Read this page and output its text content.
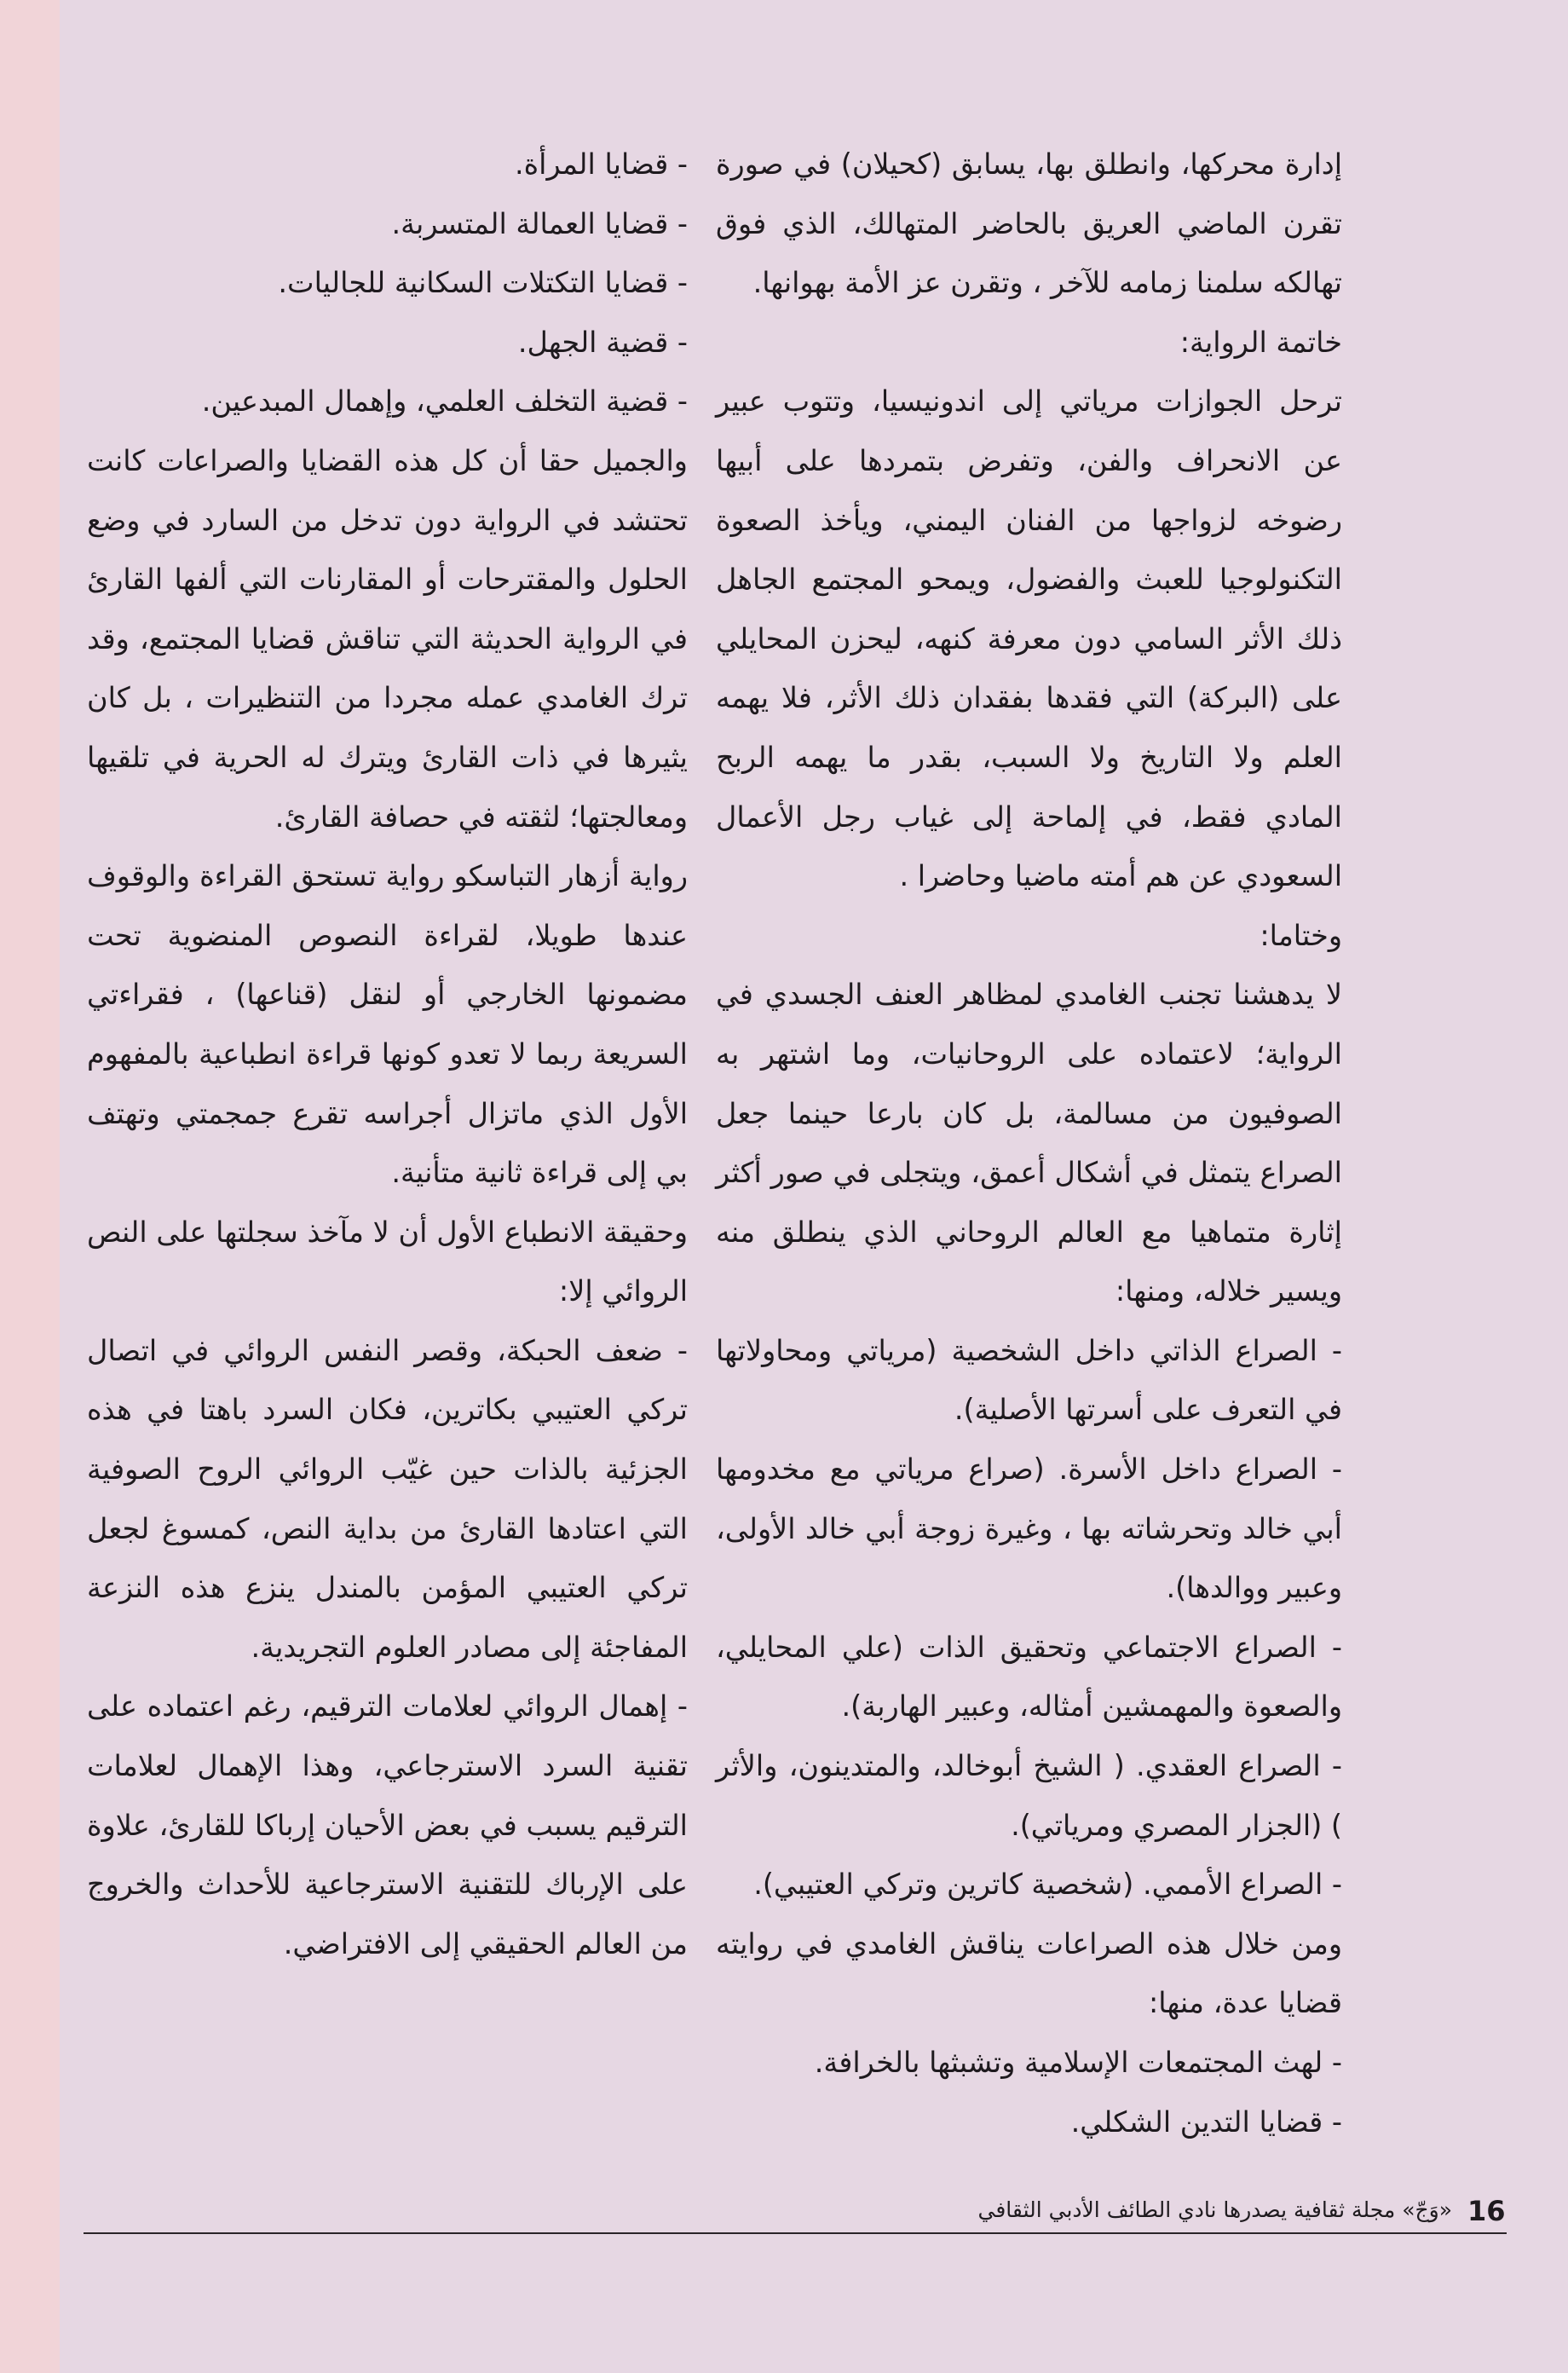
إدارة محركها، وانطلق بها، يسابق (كحيلان) في صورة تقرن الماضي العريق بالحاضر المتهالك، الذي فوق تهالكه سلمنا زمامه للآخر ، وتقرن عز الأمة بهوانها.

خاتمة الرواية:

ترحل الجوازات مرياتي إلى اندونيسيا، وتتوب عبير عن الانحراف والفن، وتفرض بتمردها على أبيها رضوخه لزواجها من الفنان اليمني، ويأخذ الصعوة التكنولوجيا للعبث والفضول، ويمحو المجتمع الجاهل ذلك الأثر السامي دون معرفة كنهه، ليحزن المحايلي على (البركة) التي فقدها بفقدان ذلك الأثر، فلا يهمه العلم ولا التاريخ ولا السبب، بقدر ما يهمه الربح المادي فقط، في إلماحة إلى غياب رجل الأعمال السعودي عن هم أمته ماضيا وحاضرا .

وختاما:

لا يدهشنا تجنب الغامدي لمظاهر العنف الجسدي في الرواية؛ لاعتماده على الروحانيات، وما اشتهر به الصوفيون من مسالمة، بل كان بارعا حينما جعل الصراع يتمثل في أشكال أعمق، ويتجلى في صور أكثر إثارة متماهيا مع العالم الروحاني الذي ينطلق منه ويسير خلاله، ومنها:

- الصراع الذاتي داخل الشخصية (مرياتي ومحاولاتها في التعرف على أسرتها الأصلية).

- الصراع داخل الأسرة. (صراع مرياتي مع مخدومها أبي خالد وتحرشاته بها ، وغيرة زوجة أبي خالد الأولى، وعبير ووالدها).

- الصراع الاجتماعي وتحقيق الذات (علي المحايلي، والصعوة والمهمشين أمثاله، وعبير الهاربة).

- الصراع العقدي. ( الشيخ أبوخالد، والمتدينون، والأثر ) (الجزار المصري ومرياتي).

- الصراع الأممي. (شخصية كاترين وتركي العتيبي).

ومن خلال هذه الصراعات يناقش الغامدي في روايته قضايا عدة، منها:

- لهث المجتمعات الإسلامية وتشبثها بالخرافة.

- قضايا التدين الشكلي.

- قضايا المرأة.

- قضايا العمالة المتسربة.

- قضايا التكتلات السكانية للجاليات.

- قضية الجهل.

- قضية التخلف العلمي، وإهمال المبدعين.

والجميل حقا أن كل هذه القضايا والصراعات كانت تحتشد في الرواية دون تدخل من السارد في وضع الحلول والمقترحات أو المقارنات التي ألفها القارئ في الرواية الحديثة التي تناقش قضايا المجتمع، وقد ترك الغامدي عمله مجردا من التنظيرات ، بل كان يثيرها في ذات القارئ ويترك له الحرية في تلقيها ومعالجتها؛ لثقته في حصافة القارئ.

رواية أزهار التباسكو رواية تستحق القراءة والوقوف عندها طويلا، لقراءة النصوص المنضوية تحت مضمونها الخارجي أو لنقل (قناعها) ، فقراءتي السريعة ربما لا تعدو كونها قراءة انطباعية بالمفهوم الأول الذي ماتزال أجراسه تقرع جمجمتي وتهتف بي إلى قراءة ثانية متأنية.

وحقيقة الانطباع الأول أن لا مآخذ سجلتها على النص الروائي إلا:

- ضعف الحبكة، وقصر النفس الروائي في اتصال تركي العتيبي بكاترين، فكان السرد باهتا في هذه الجزئية بالذات حين غيّب الروائي الروح الصوفية التي اعتادها القارئ من بداية النص، كمسوغ لجعل تركي العتيبي المؤمن بالمندل ينزع هذه النزعة المفاجئة إلى مصادر العلوم التجريدية.

- إهمال الروائي لعلامات الترقيم، رغم اعتماده على تقنية السرد الاسترجاعي، وهذا الإهمال لعلامات الترقيم يسبب في بعض الأحيان إرباكا للقارئ، علاوة على الإرباك للتقنية الاسترجاعية للأحداث والخروج من العالم الحقيقي إلى الافتراضي.

16
«وَجّ» مجلة ثقافية يصدرها نادي الطائف الأدبي الثقافي
